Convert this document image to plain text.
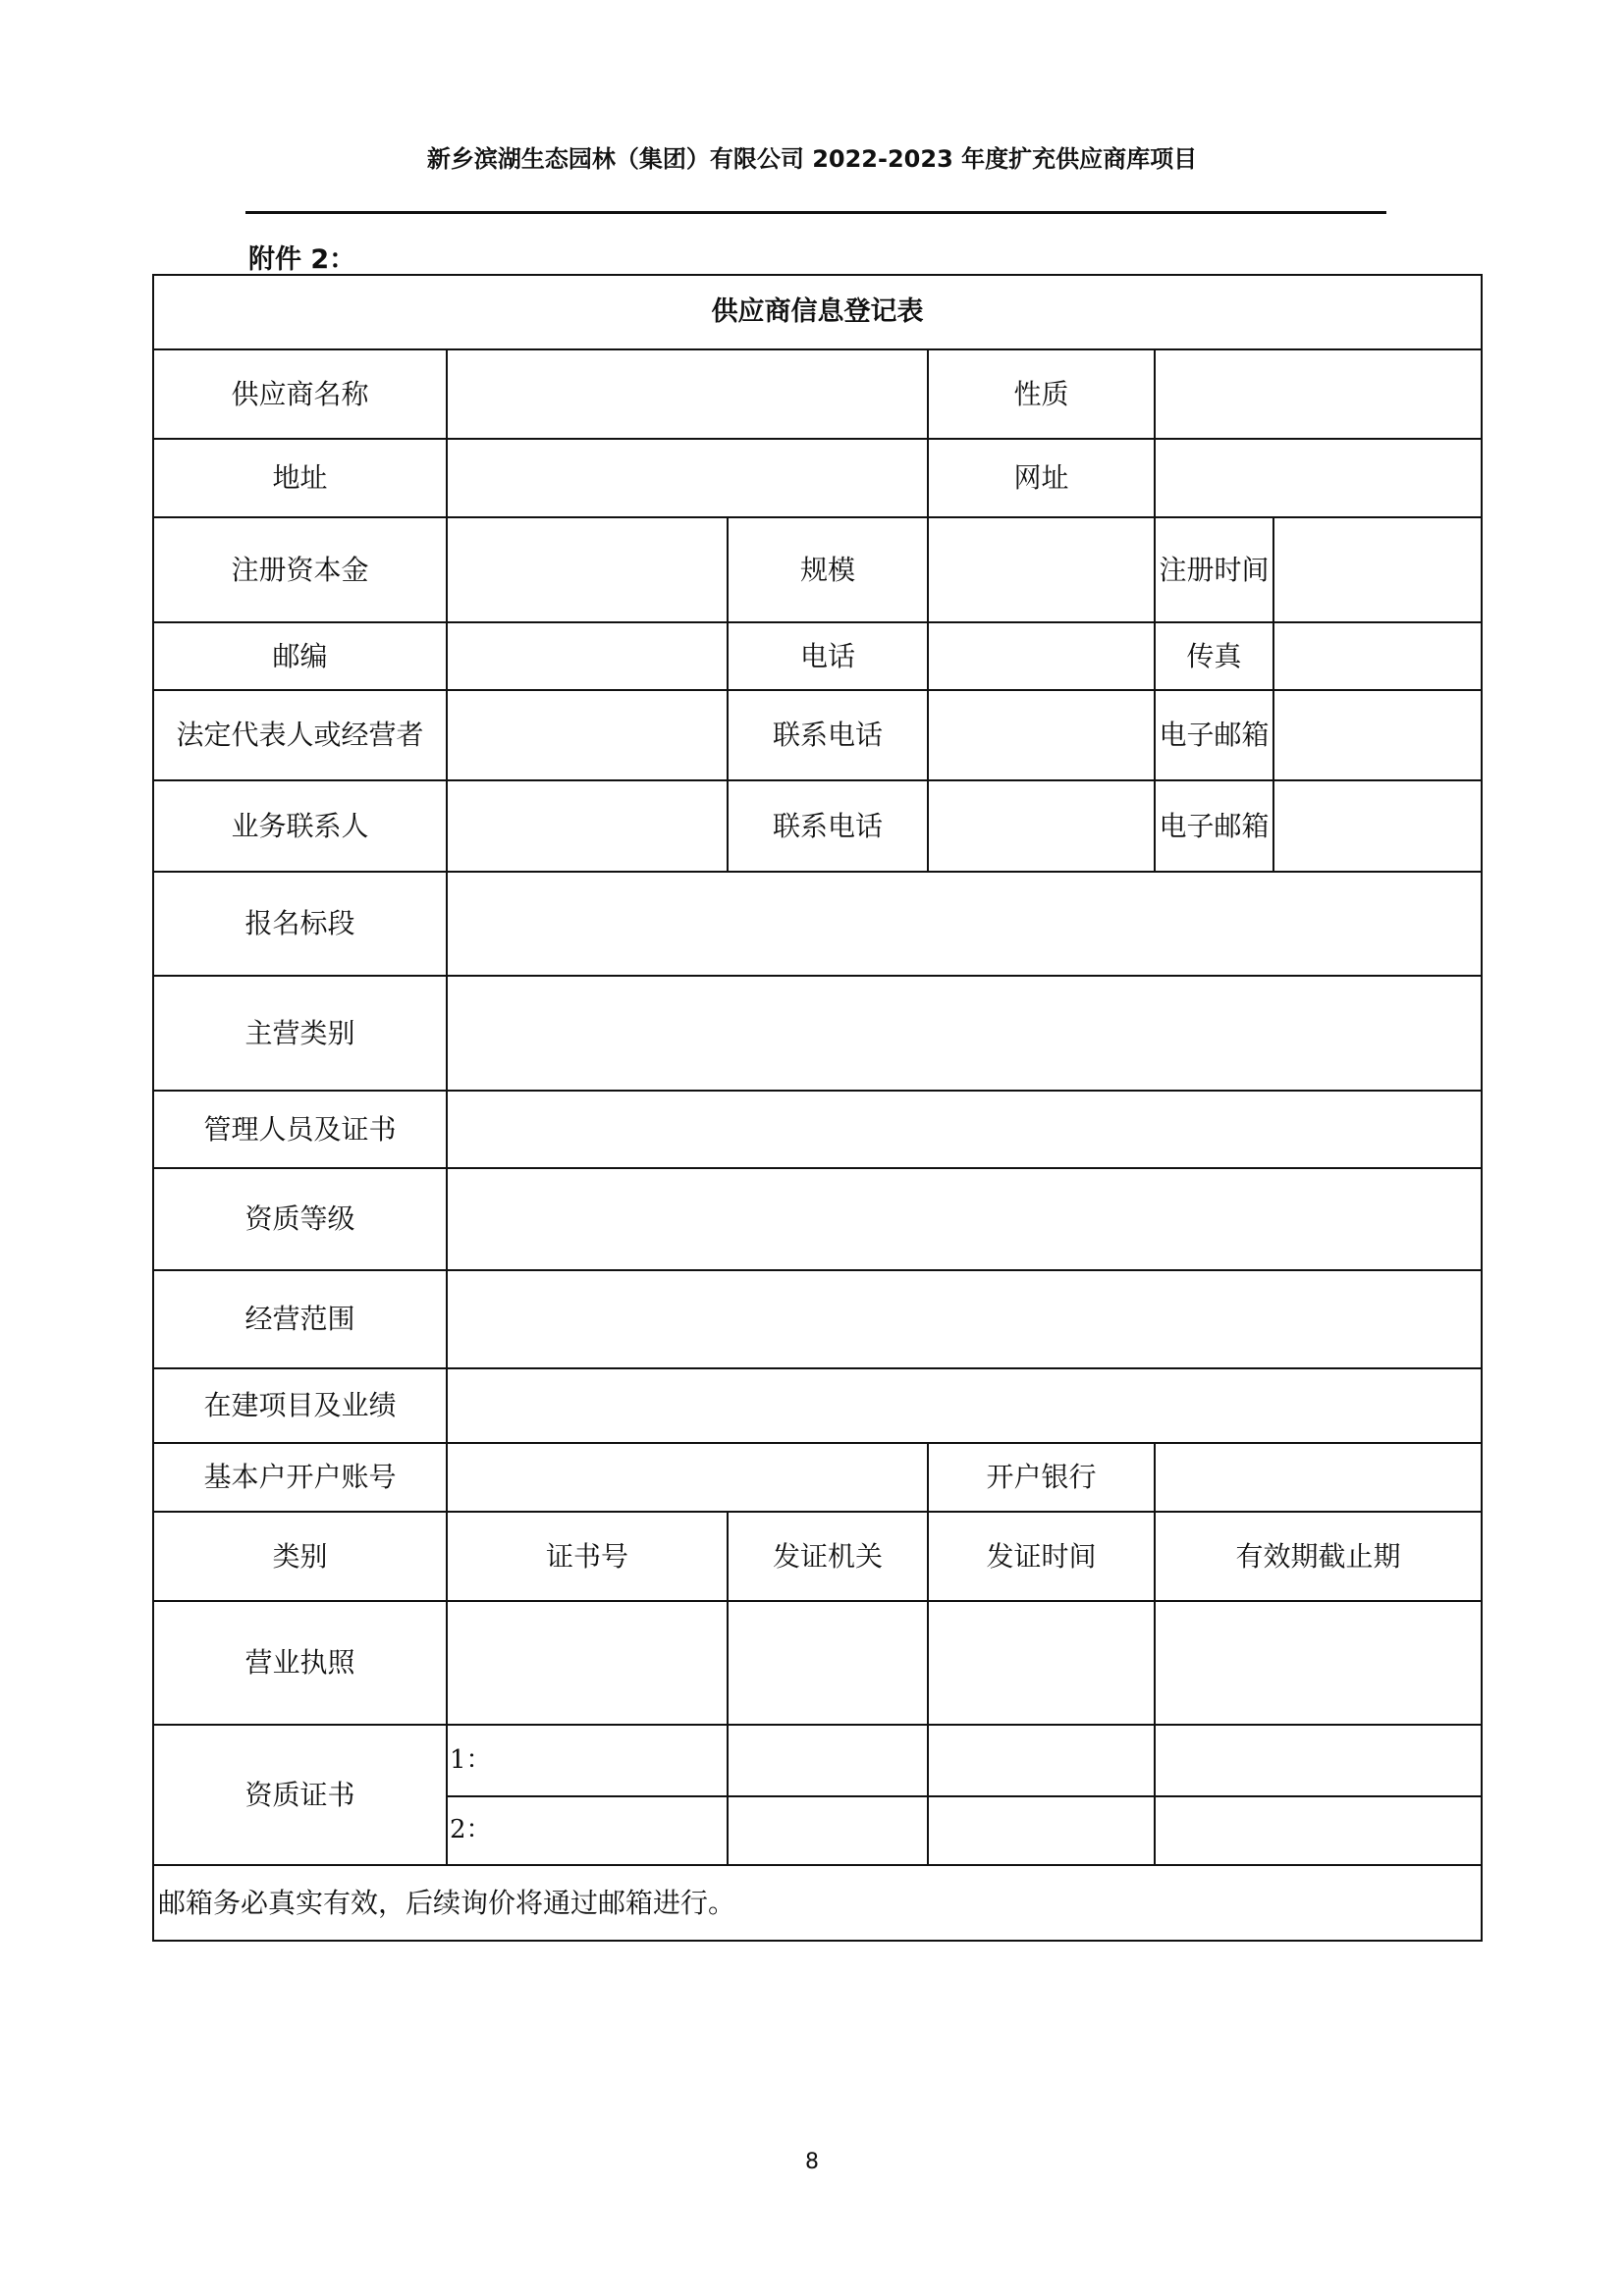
新乡滨湖生态园林（集团）有限公司 2022-2023 年度扩充供应商库项目
附件 2：
供应商信息登记表					
供应商名称			性质		
地址			网址		
注册资本金		规模		注册时间	
邮编		电话		传真	
法定代表人或经营者		联系电话		电子邮箱	
业务联系人		联系电话		电子邮箱	
报名标段					
主营类别					
管理人员及证书					
资质等级					
经营范围					
在建项目及业绩					
基本户开户账号			开户银行		
类别	证书号	发证机关	发证时间	有效期截止期	
营业执照					
资质证书	1：				
	2：				
邮箱务必真实有效，后续询价将通过邮箱进行。					
8
